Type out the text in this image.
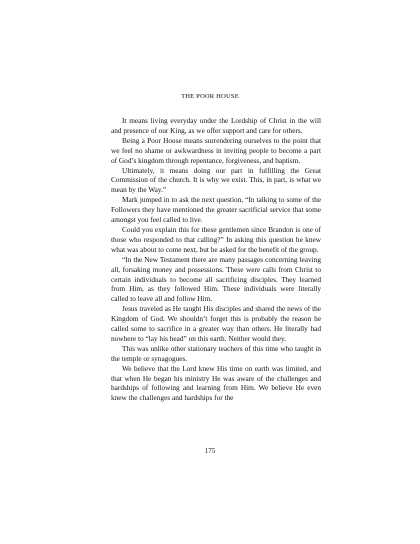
THE POOR HOUSE

It means living everyday under the Lordship of Christ in the will and presence of our King, as we offer support and care for others.

Being a Poor House means surrendering ourselves to the point that we feel no shame or awkwardness in inviting people to become a part of God’s kingdom through repentance, forgiveness, and baptism.

Ultimately, it means doing our part in fulfilling the Great Commission of the church. It is why we exist. This, in part, is what we mean by the Way.”

Mark jumped in to ask the next question, “In talking to some of the Followers they have mentioned the greater sacrificial service that some amongst you feel called to live.

Could you explain this for these gentlemen since Brandon is one of those who responded to that calling?” In asking this question he knew what was about to come next, but he asked for the benefit of the group.

“In the New Testament there are many passages concerning leaving all, forsaking money and possessions. These were calls from Christ to certain individuals to become all sacrificing disciples. They learned from Him, as they followed Him. These individuals were literally called to leave all and follow Him.

Jesus traveled as He taught His disciples and shared the news of the Kingdom of God. We shouldn’t forget this is probably the reason he called some to sacrifice in a greater way than others. He literally had nowhere to “lay his head” on this earth. Neither would they.

This was unlike other stationary teachers of this time who taught in the temple or synagogues.

We believe that the Lord knew His time on earth was limited, and that when He began his ministry He was aware of the challenges and hardships of following and learning from Him. We believe He even knew the challenges and hardships for the

175
